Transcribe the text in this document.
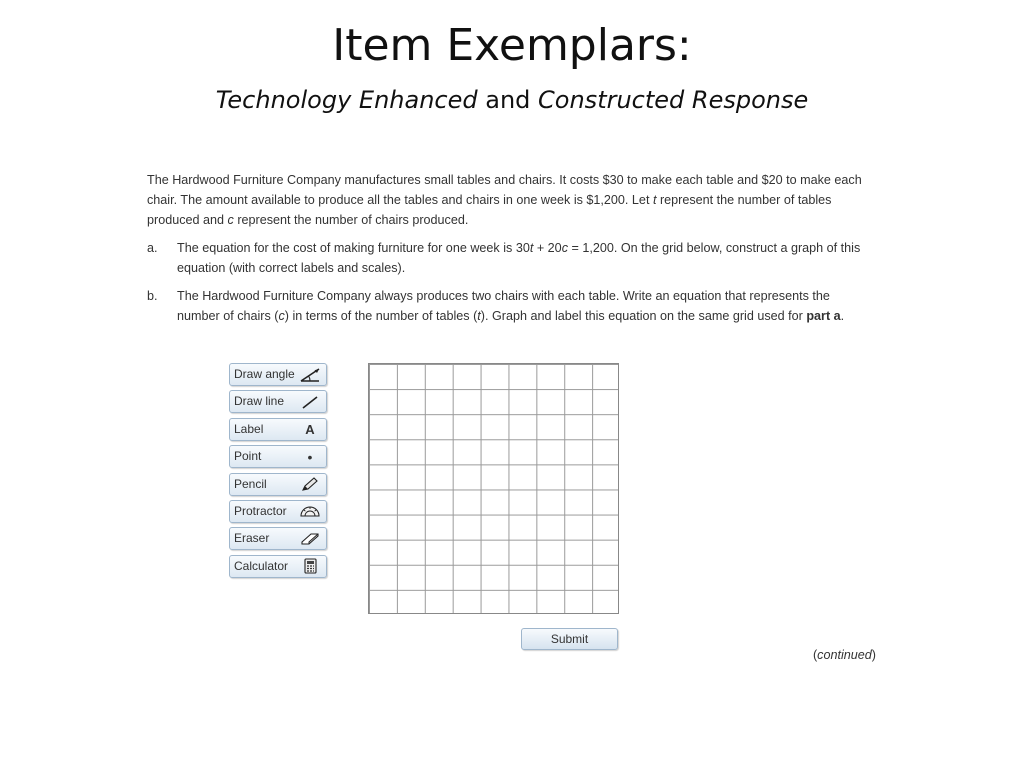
Item Exemplars:
Technology Enhanced and Constructed Response
The Hardwood Furniture Company manufactures small tables and chairs. It costs $30 to make each table and $20 to make each chair. The amount available to produce all the tables and chairs in one week is $1,200. Let t represent the number of tables produced and c represent the number of chairs produced.
a. The equation for the cost of making furniture for one week is 30t + 20c = 1,200. On the grid below, construct a graph of this equation (with correct labels and scales).
b. The Hardwood Furniture Company always produces two chairs with each table. Write an equation that represents the number of chairs (c) in terms of the number of tables (t). Graph and label this equation on the same grid used for part a.
Draw angle
Draw line
Label	A
Point	•
Pencil
Protractor
Eraser
Calculator
Submit
(continued)
